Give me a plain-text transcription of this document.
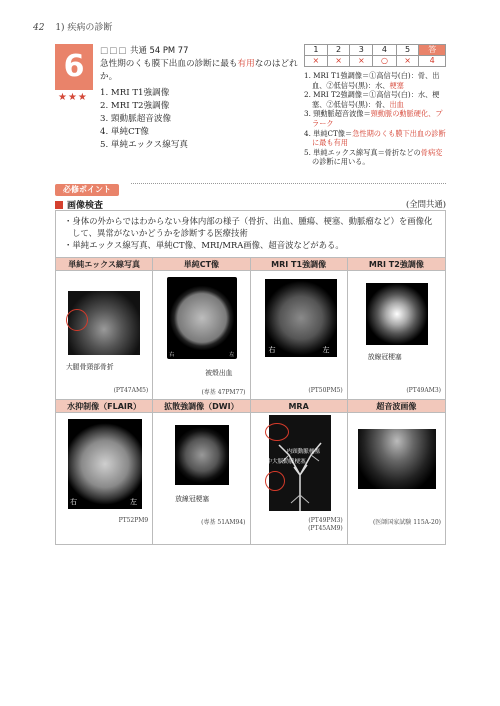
42 1) 疾病の診断
6
★★★
□□□ 共通 54 PM 77
急性期のくも膜下出血の診断に最も有用なのはどれか。
1. MRI T1強調像
2. MRI T2強調像
3. 頸動脈超音波像
4. 単純CT像
5. 単純エックス線写真
1	2	3	4	5	答
×	×	×	○	×	4

1. MRI T1強調像＝①高信号(白)：骨、出血、②低信号(黒)：水、梗塞

2. MRI T2強調像＝①高信号(白)：水、梗塞、②低信号(黒)：骨、出血

3. 頸動脈超音波像＝頸動脈の動脈硬化、プラーク

4. 単純CT像＝急性期のくも膜下出血の診断に最も有用

5. 単純エックス線写真＝骨折などの骨病変の診断に用いる。

必修ポイント
画像検査	(全問共通)

・身体の外からではわからない身体内部の様子（骨折、出血、腫瘍、梗塞、動脈瘤など）を画像化して、異常がないかどうかを診断する医療技術

・単純エックス線写真、単純CT像、MRI/MRA画像、超音波などがある。

単純エックス線写真
大腿骨頸部骨折
(PT47AM5)
単純CT像
右	左
被殻出血
(専基 47PM77)
MRI T1強調像
右	左
(PT50PM5)
MRI T2強調像
放線冠梗塞
(PT49AM3)
水抑制像（FLAIR）
右	左
PT52PM9
拡散強調像（DWI）
放線冠梗塞
(専基 51AM94)
MRA
内頸動脈梗塞
中大脳動脈梗塞
(PT49PM3)
(PT45AM9)
超音波画像
(医師国家試験 115A-20)
